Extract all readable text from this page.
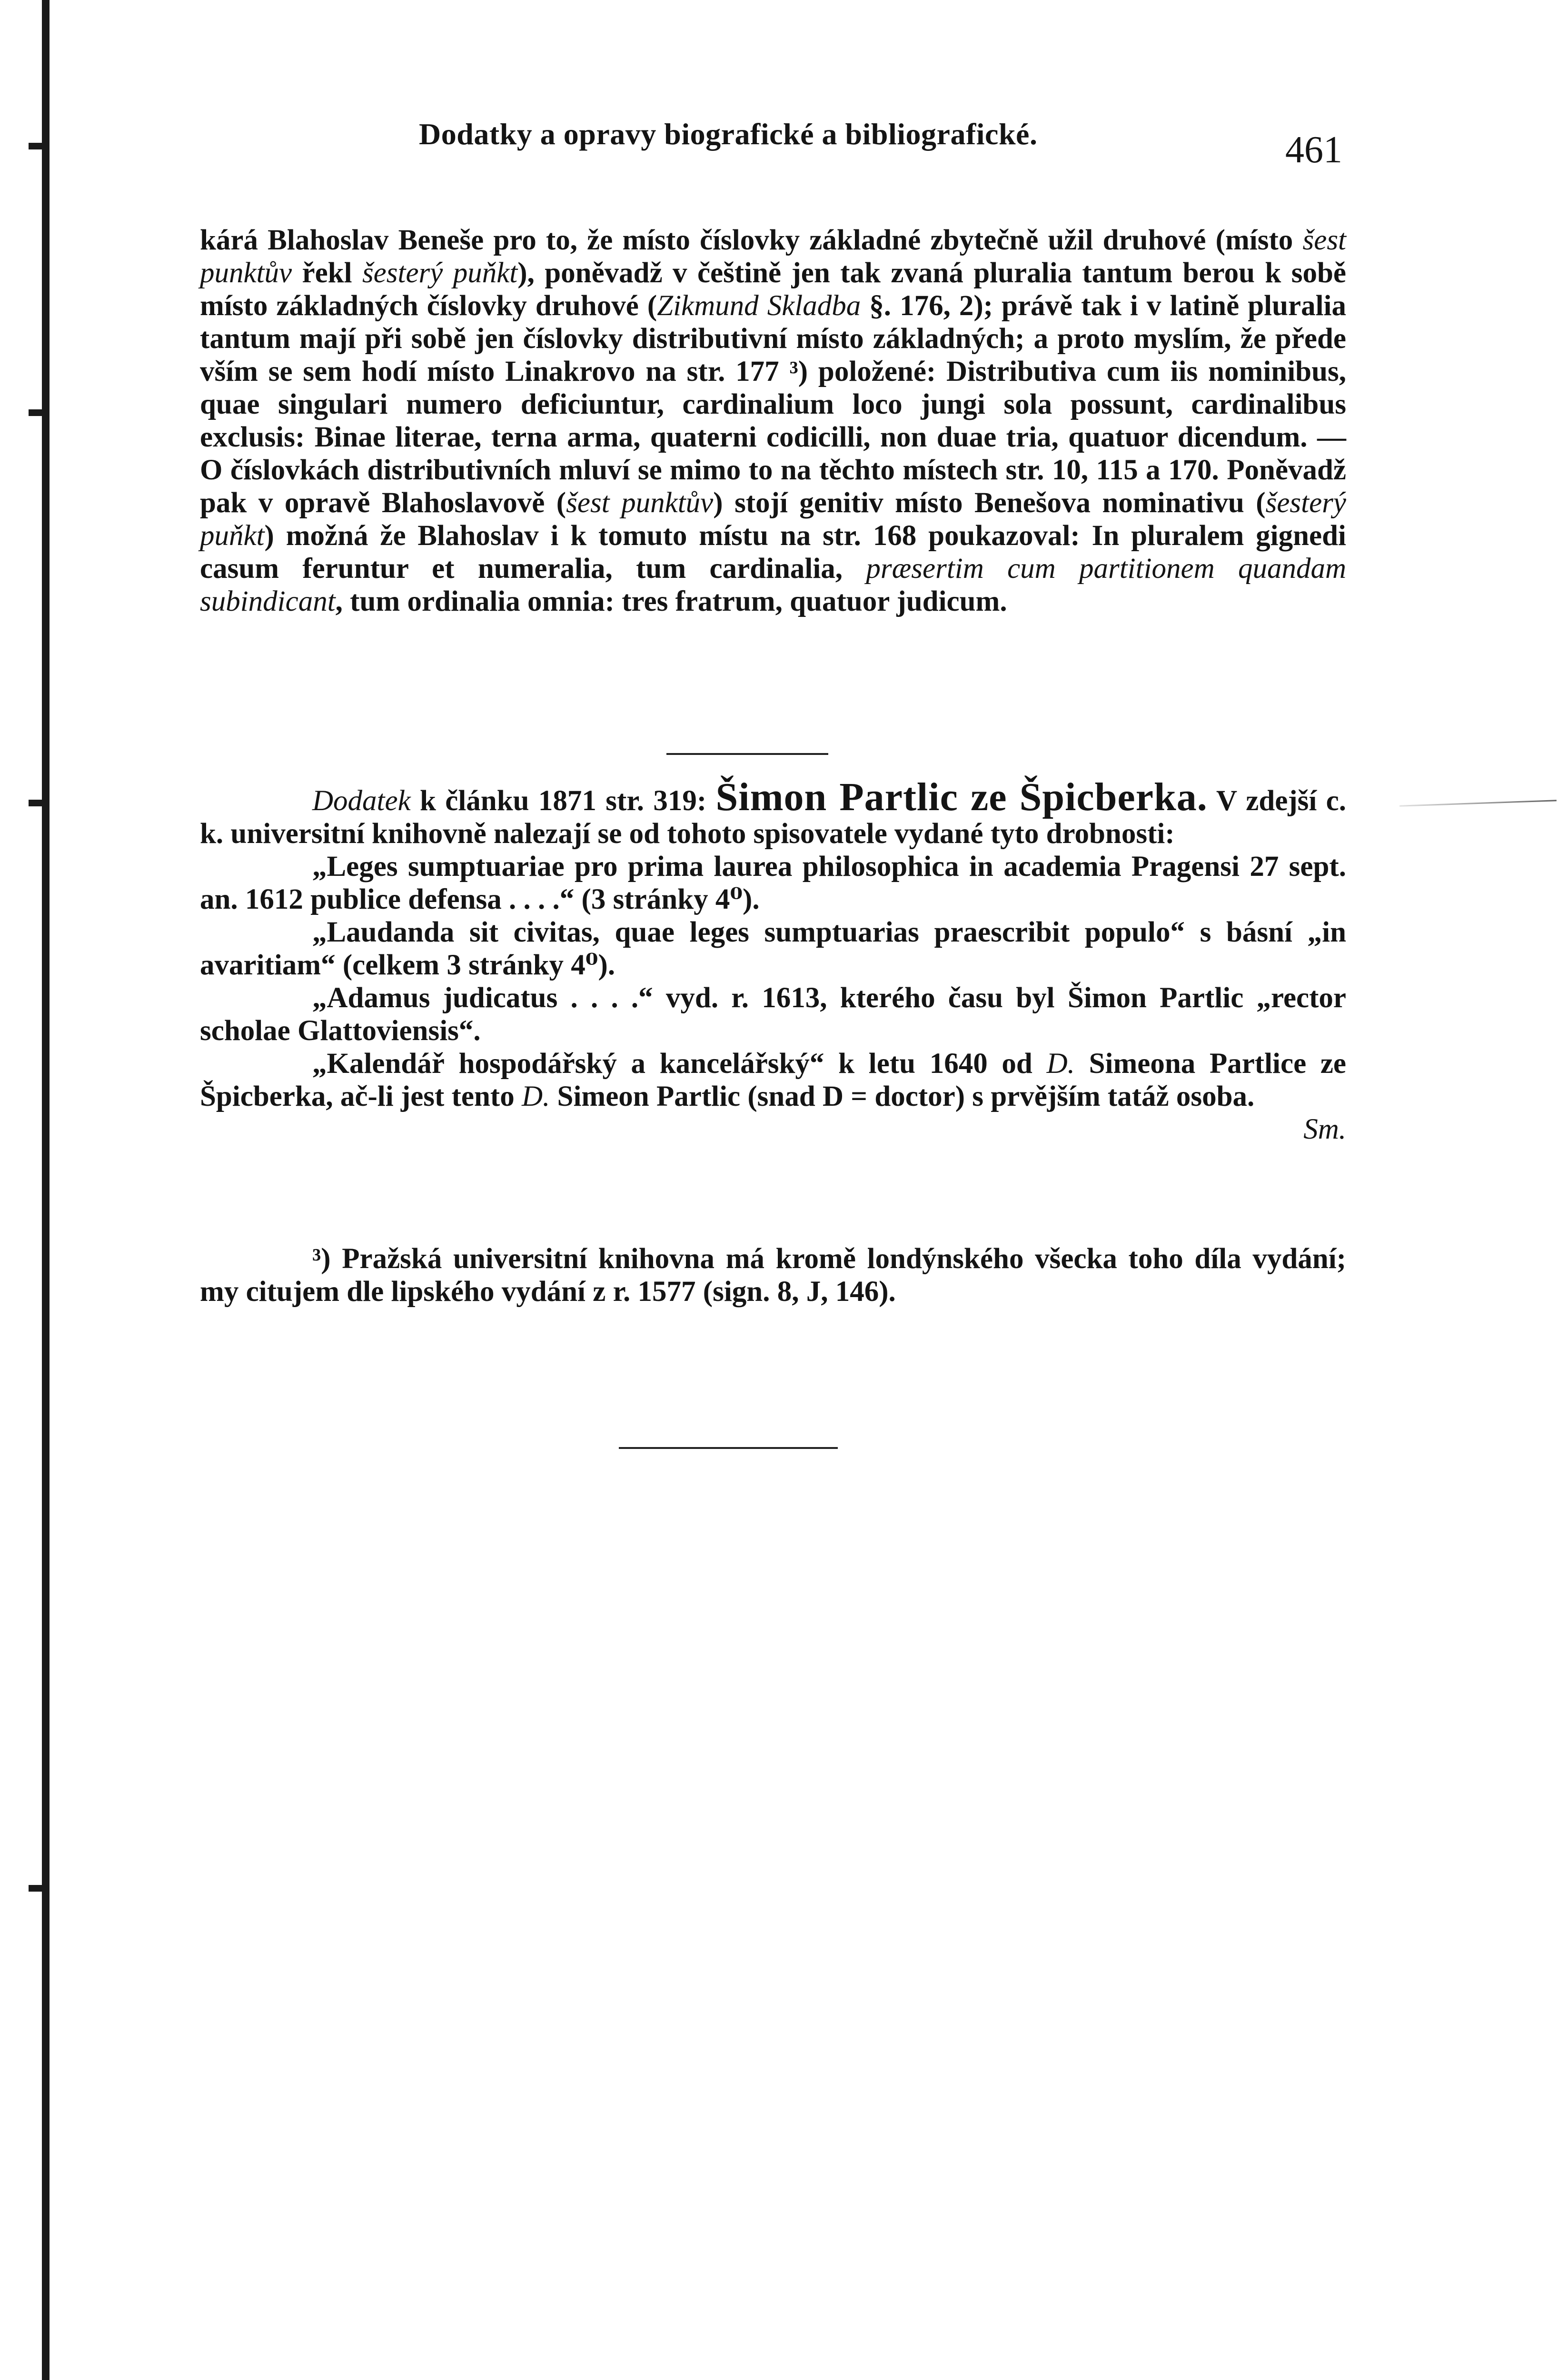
Dodatky a opravy biografické a bibliografické.	461

kárá Blahoslav Beneše pro to, že místo číslovky základné zbytečně užil druhové (místo šest punktův řekl šesterý puňkt), poněvadž v češtině jen tak zvaná pluralia tantum berou k sobě místo základných číslovky druhové (Zikmund Skladba §. 176, 2); právě tak i v latině pluralia tantum mají při sobě jen číslovky distributivní místo základných; a proto myslím, že přede vším se sem hodí místo Linakrovo na str. 177 ³) položené: Distributiva cum iis nominibus, quae singulari numero deficiuntur, cardinalium loco jungi sola possunt, cardinalibus exclusis: Binae literae, terna arma, quaterni codicilli, non duae tria, quatuor dicendum. — O číslovkách distributivních mluví se mimo to na těchto místech str. 10, 115 a 170. Poněvadž pak v opravě Blahoslavově (šest punktův) stojí genitiv místo Benešova nominativu (šesterý puňkt) možná že Blahoslav i k tomuto místu na str. 168 poukazoval: In pluralem gignedi casum feruntur et numeralia, tum cardinalia, præsertim cum partitionem quandam subindicant, tum ordinalia omnia: tres fratrum, quatuor judicum.

Dodatek k článku 1871 str. 319: Šimon Partlic ze Špicberka. V zdejší c. k. universitní knihovně nalezají se od tohoto spisovatele vydané tyto drobnosti:

„Leges sumptuariae pro prima laurea philosophica in academia Pragensi 27 sept. an. 1612 publice defensa . . . .“ (3 stránky 4⁰).

„Laudanda sit civitas, quae leges sumptuarias praescribit populo“ s básní „in avaritiam“ (celkem 3 stránky 4⁰).

„Adamus judicatus . . . .“ vyd. r. 1613, kterého času byl Šimon Partlic „rector scholae Glattoviensis“.

„Kalendář hospodářský a kancelářský“ k letu 1640 od D. Simeona Partlice ze Špicberka, ač-li jest tento D. Simeon Partlic (snad D = doctor) s prvějším tatáž osoba.
Sm.

³) Pražská universitní knihovna má kromě londýnského všecka toho díla vydání; my citujem dle lipského vydání z r. 1577 (sign. 8, J, 146).
